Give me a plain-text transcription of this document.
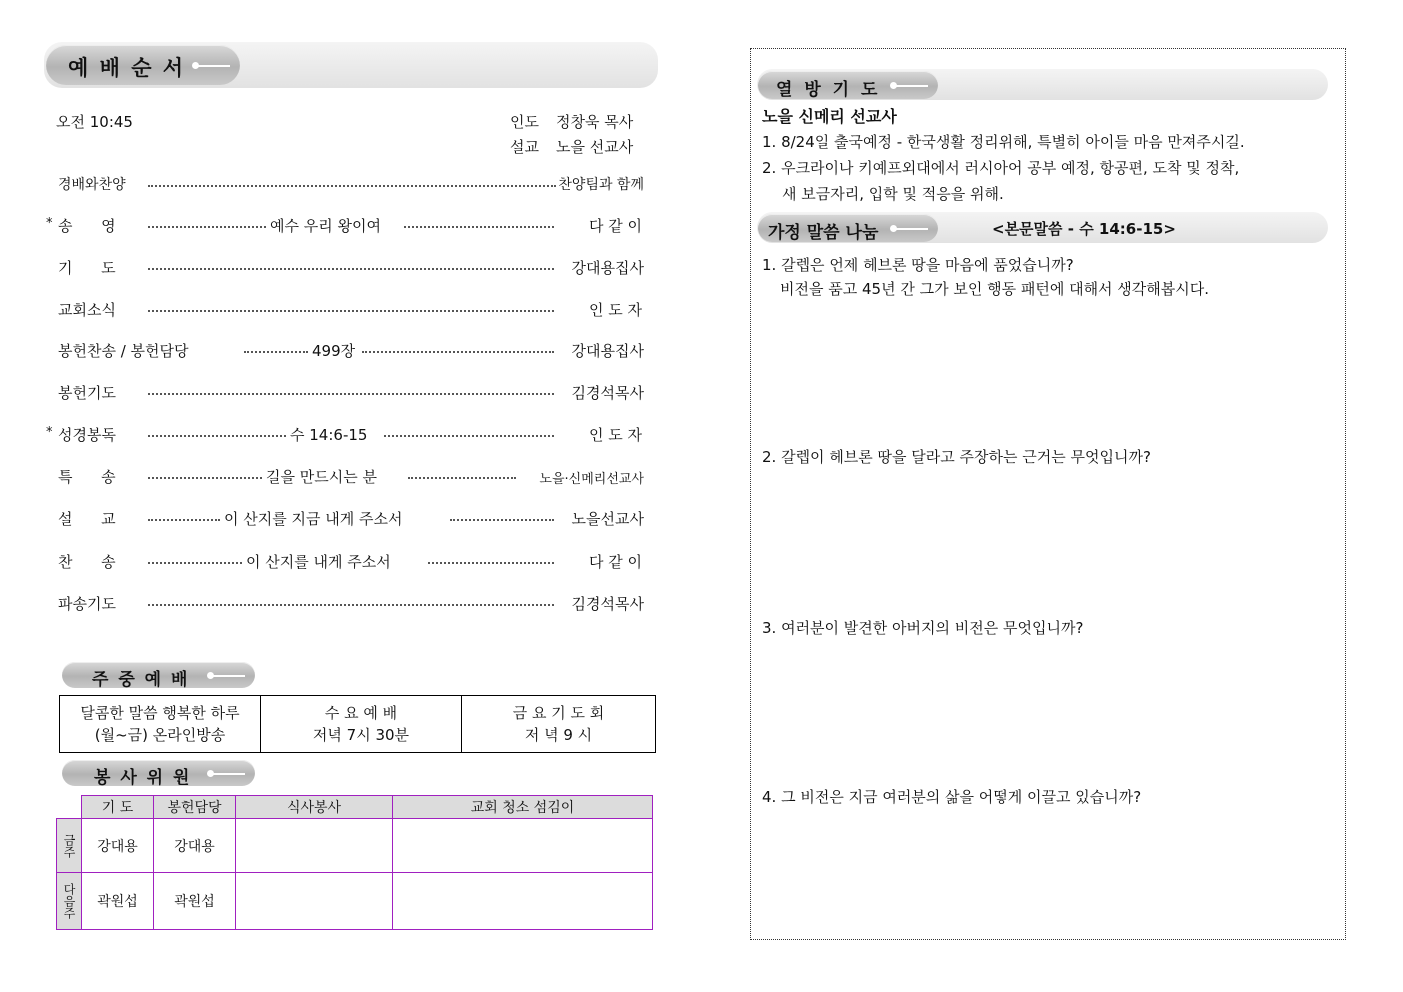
예 배 순 서
오전 10:45	인도 정창욱 목사
설교 노을 선교사
경배와찬양	찬양팀과 함께
* 송      영	예수 우리 왕이여	다 같 이
기      도	강대용집사
교회소식	인 도 자
봉헌찬송 / 봉헌담당	499장	강대용집사
봉헌기도	김경석목사
* 성경봉독	수 14:6-15	인 도 자
특      송	길을 만드시는 분	노을·신메리선교사
설      교	이 산지를 지금 내게 주소서	노을선교사
찬      송	이 산지를 내게 주소서	다 같 이
파송기도	김경석목사
주 중 예 배
달콤한 말씀 행복한 하루
(월~금) 온라인방송

수 요 예 배
저녁 7시 30분

금 요 기 도 회
저 녁 9 시
봉 사 위 원
	기 도	봉헌담당	식사봉사	교회 청소 섬김이
금주	강대용	강대용		
다음주	곽원섭	곽원섭		
열 방 기 도
노을 신메리 선교사
1. 8/24일 출국예정 - 한국생활 정리위해, 특별히 아이들 마음 만져주시길.
2. 우크라이나 키예프외대에서 러시아어 공부 예정, 항공편, 도착 및 정착,
새 보금자리, 입학 및 적응을 위해.
가정 말씀 나눔	<본문말씀 - 수 14:6-15>
1. 갈렙은 언제 헤브론 땅을 마음에 품었습니까?
비전을 품고 45년 간 그가 보인 행동 패턴에 대해서 생각해봅시다.
2. 갈렙이 헤브론 땅을 달라고 주장하는 근거는 무엇입니까?
3. 여러분이 발견한 아버지의 비전은 무엇입니까?
4. 그 비전은 지금 여러분의 삶을 어떻게 이끌고 있습니까?
